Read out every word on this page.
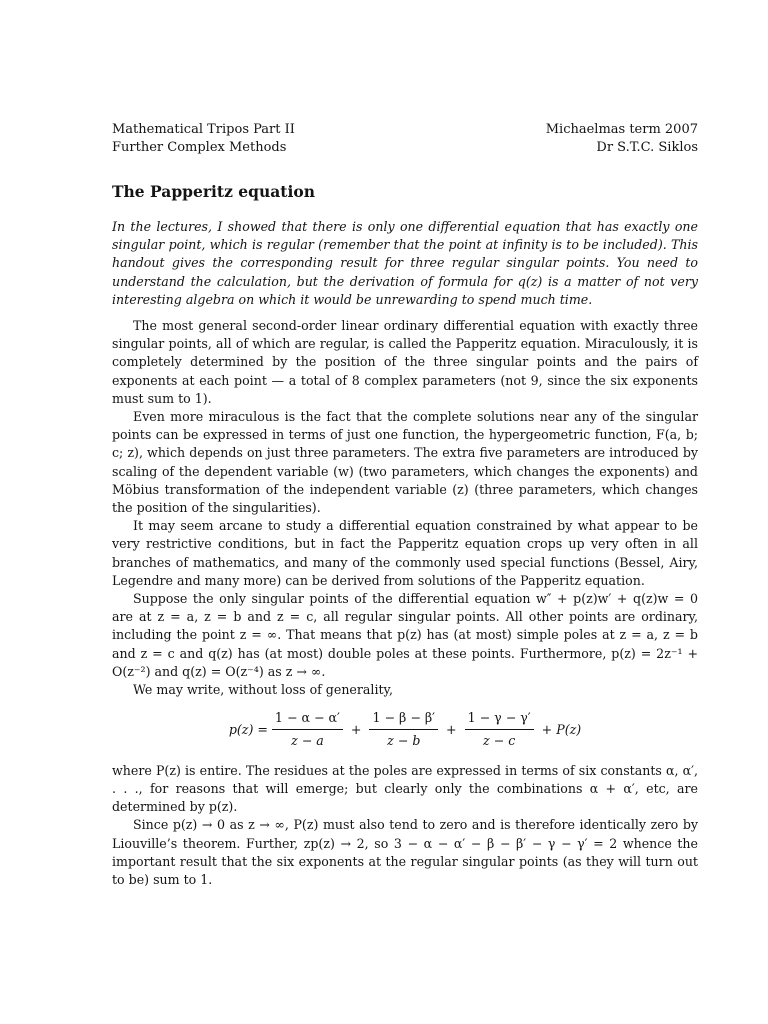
Mathematical Tripos Part II
Further Complex Methods
Michaelmas term 2007
Dr S.T.C. Siklos
The Papperitz equation

In the lectures, I showed that there is only one differential equation that has exactly one singular point, which is regular (remember that the point at infinity is to be included). This handout gives the corresponding result for three regular singular points. You need to understand the calculation, but the derivation of formula for q(z) is a matter of not very interesting algebra on which it would be unrewarding to spend much time.

The most general second-order linear ordinary differential equation with exactly three singular points, all of which are regular, is called the Papperitz equation. Miraculously, it is completely determined by the position of the three singular points and the pairs of exponents at each point — a total of 8 complex parameters (not 9, since the six exponents must sum to 1).

Even more miraculous is the fact that the complete solutions near any of the singular points can be expressed in terms of just one function, the hypergeometric function, F(a, b; c; z), which depends on just three parameters. The extra five parameters are introduced by scaling of the dependent variable (w) (two parameters, which changes the exponents) and Möbius transformation of the independent variable (z) (three parameters, which changes the position of the singularities).

It may seem arcane to study a differential equation constrained by what appear to be very restrictive conditions, but in fact the Papperitz equation crops up very often in all branches of mathematics, and many of the commonly used special functions (Bessel, Airy, Legendre and many more) can be derived from solutions of the Papperitz equation.

Suppose the only singular points of the differential equation w″ + p(z)w′ + q(z)w = 0 are at z = a, z = b and z = c, all regular singular points. All other points are ordinary, including the point z = ∞. That means that p(z) has (at most) simple poles at z = a, z = b and z = c and q(z) has (at most) double poles at these points. Furthermore, p(z) = 2z⁻¹ + O(z⁻²) and q(z) = O(z⁻⁴) as z → ∞.

We may write, without loss of generality,

$p(z) = \frac{1 - \alpha - \alpha'}{z - a} + \frac{1 - \beta - \beta'}{z - b} + \frac{1 - \gamma - \gamma'}{z - c} + P(z)$

where P(z) is entire. The residues at the poles are expressed in terms of six constants α, α′, . . ., for reasons that will emerge; but clearly only the combinations α + α′, etc, are determined by p(z).

Since p(z) → 0 as z → ∞, P(z) must also tend to zero and is therefore identically zero by Liouville’s theorem. Further, zp(z) → 2, so 3 − α − α′ − β − β′ − γ − γ′ = 2 whence the important result that the six exponents at the regular singular points (as they will turn out to be) sum to 1.
